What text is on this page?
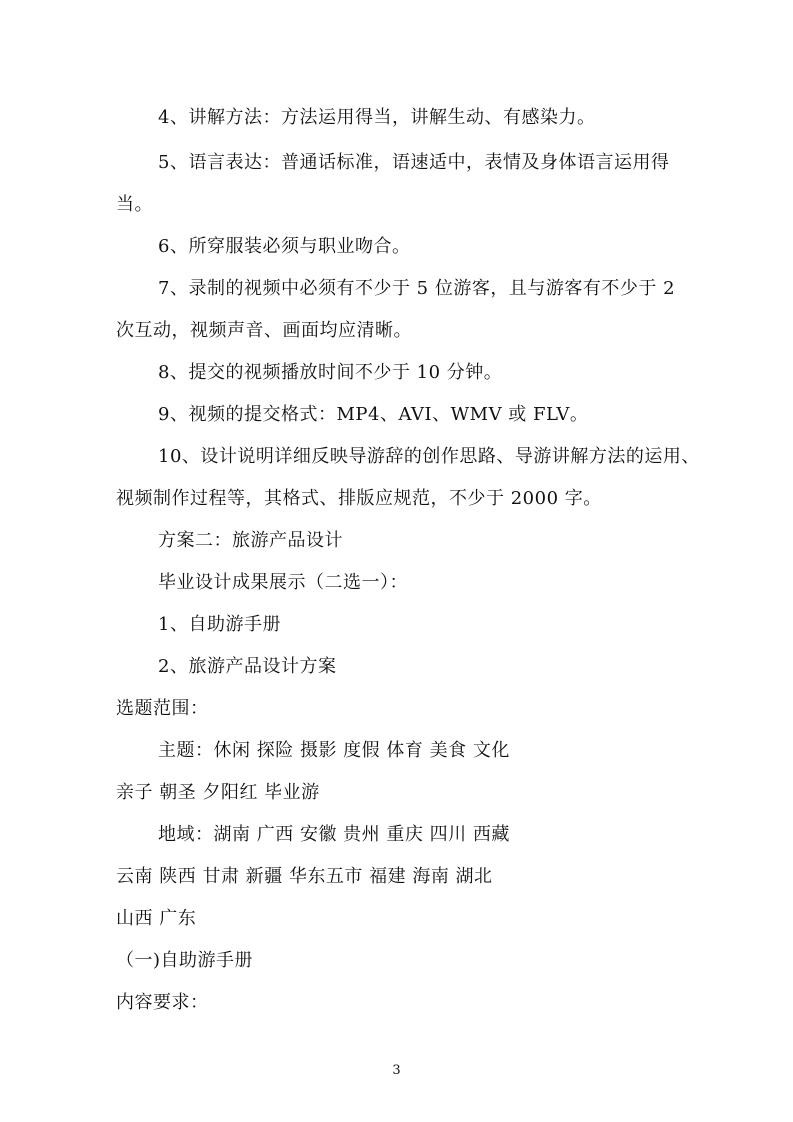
4、讲解方法：方法运用得当，讲解生动、有感染力。
5、语言表达：普通话标准，语速适中，表情及身体语言运用得
当。
6、所穿服装必须与职业吻合。
7、录制的视频中必须有不少于 5 位游客，且与游客有不少于 2
次互动，视频声音、画面均应清晰。
8、提交的视频播放时间不少于 10 分钟。
9、视频的提交格式：MP4、AVI、WMV 或 FLV。
10、设计说明详细反映导游辞的创作思路、导游讲解方法的运用、
视频制作过程等，其格式、排版应规范，不少于 2000 字。
方案二：旅游产品设计
毕业设计成果展示（二选一）：
1、自助游手册
2、旅游产品设计方案
选题范围：
主题：休闲 探险 摄影 度假 体育 美食 文化
亲子 朝圣 夕阳红 毕业游
地域：湖南 广西 安徽 贵州 重庆 四川 西藏
云南 陕西 甘肃 新疆 华东五市 福建 海南 湖北
山西 广东
（一)自助游手册
内容要求：
3
